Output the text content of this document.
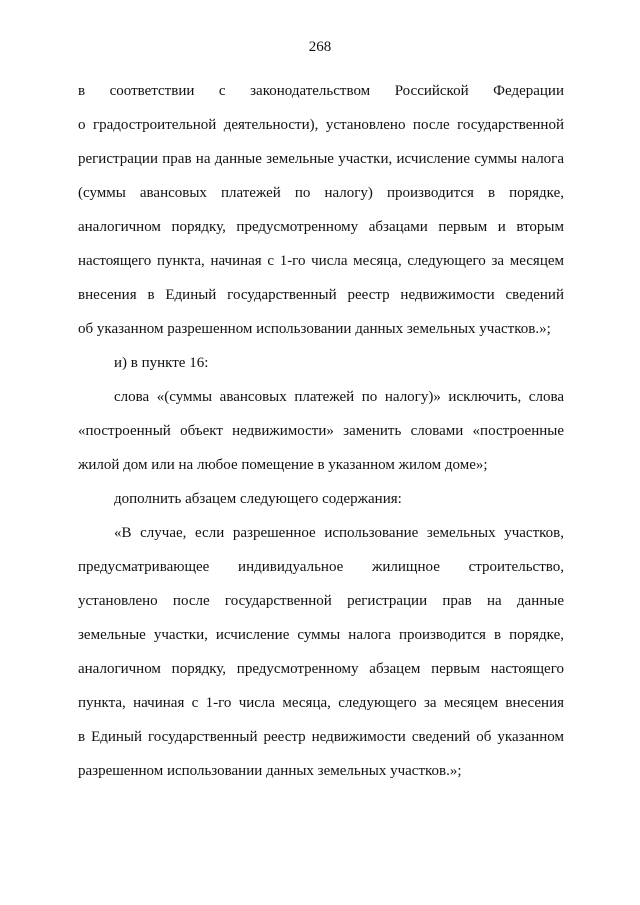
268
в соответствии с законодательством Российской Федерации
о градостроительной деятельности), установлено после государственной
регистрации прав на данные земельные участки, исчисление суммы налога
(суммы авансовых платежей по налогу) производится в порядке,
аналогичном порядку, предусмотренному абзацами первым и вторым
настоящего пункта, начиная с 1-го числа месяца, следующего за месяцем
внесения в Единый государственный реестр недвижимости сведений
об указанном разрешенном использовании данных земельных участков.»;
и) в пункте 16:
слова «(суммы авансовых платежей по налогу)» исключить, слова
«построенный объект недвижимости» заменить словами «построенные
жилой дом или на любое помещение в указанном жилом доме»;
дополнить абзацем следующего содержания:
«В случае, если разрешенное использование земельных участков,
предусматривающее индивидуальное жилищное строительство,
установлено после государственной регистрации прав на данные
земельные участки, исчисление суммы налога производится в порядке,
аналогичном порядку, предусмотренному абзацем первым настоящего
пункта, начиная с 1-го числа месяца, следующего за месяцем внесения
в Единый государственный реестр недвижимости сведений об указанном
разрешенном использовании данных земельных участков.»;
